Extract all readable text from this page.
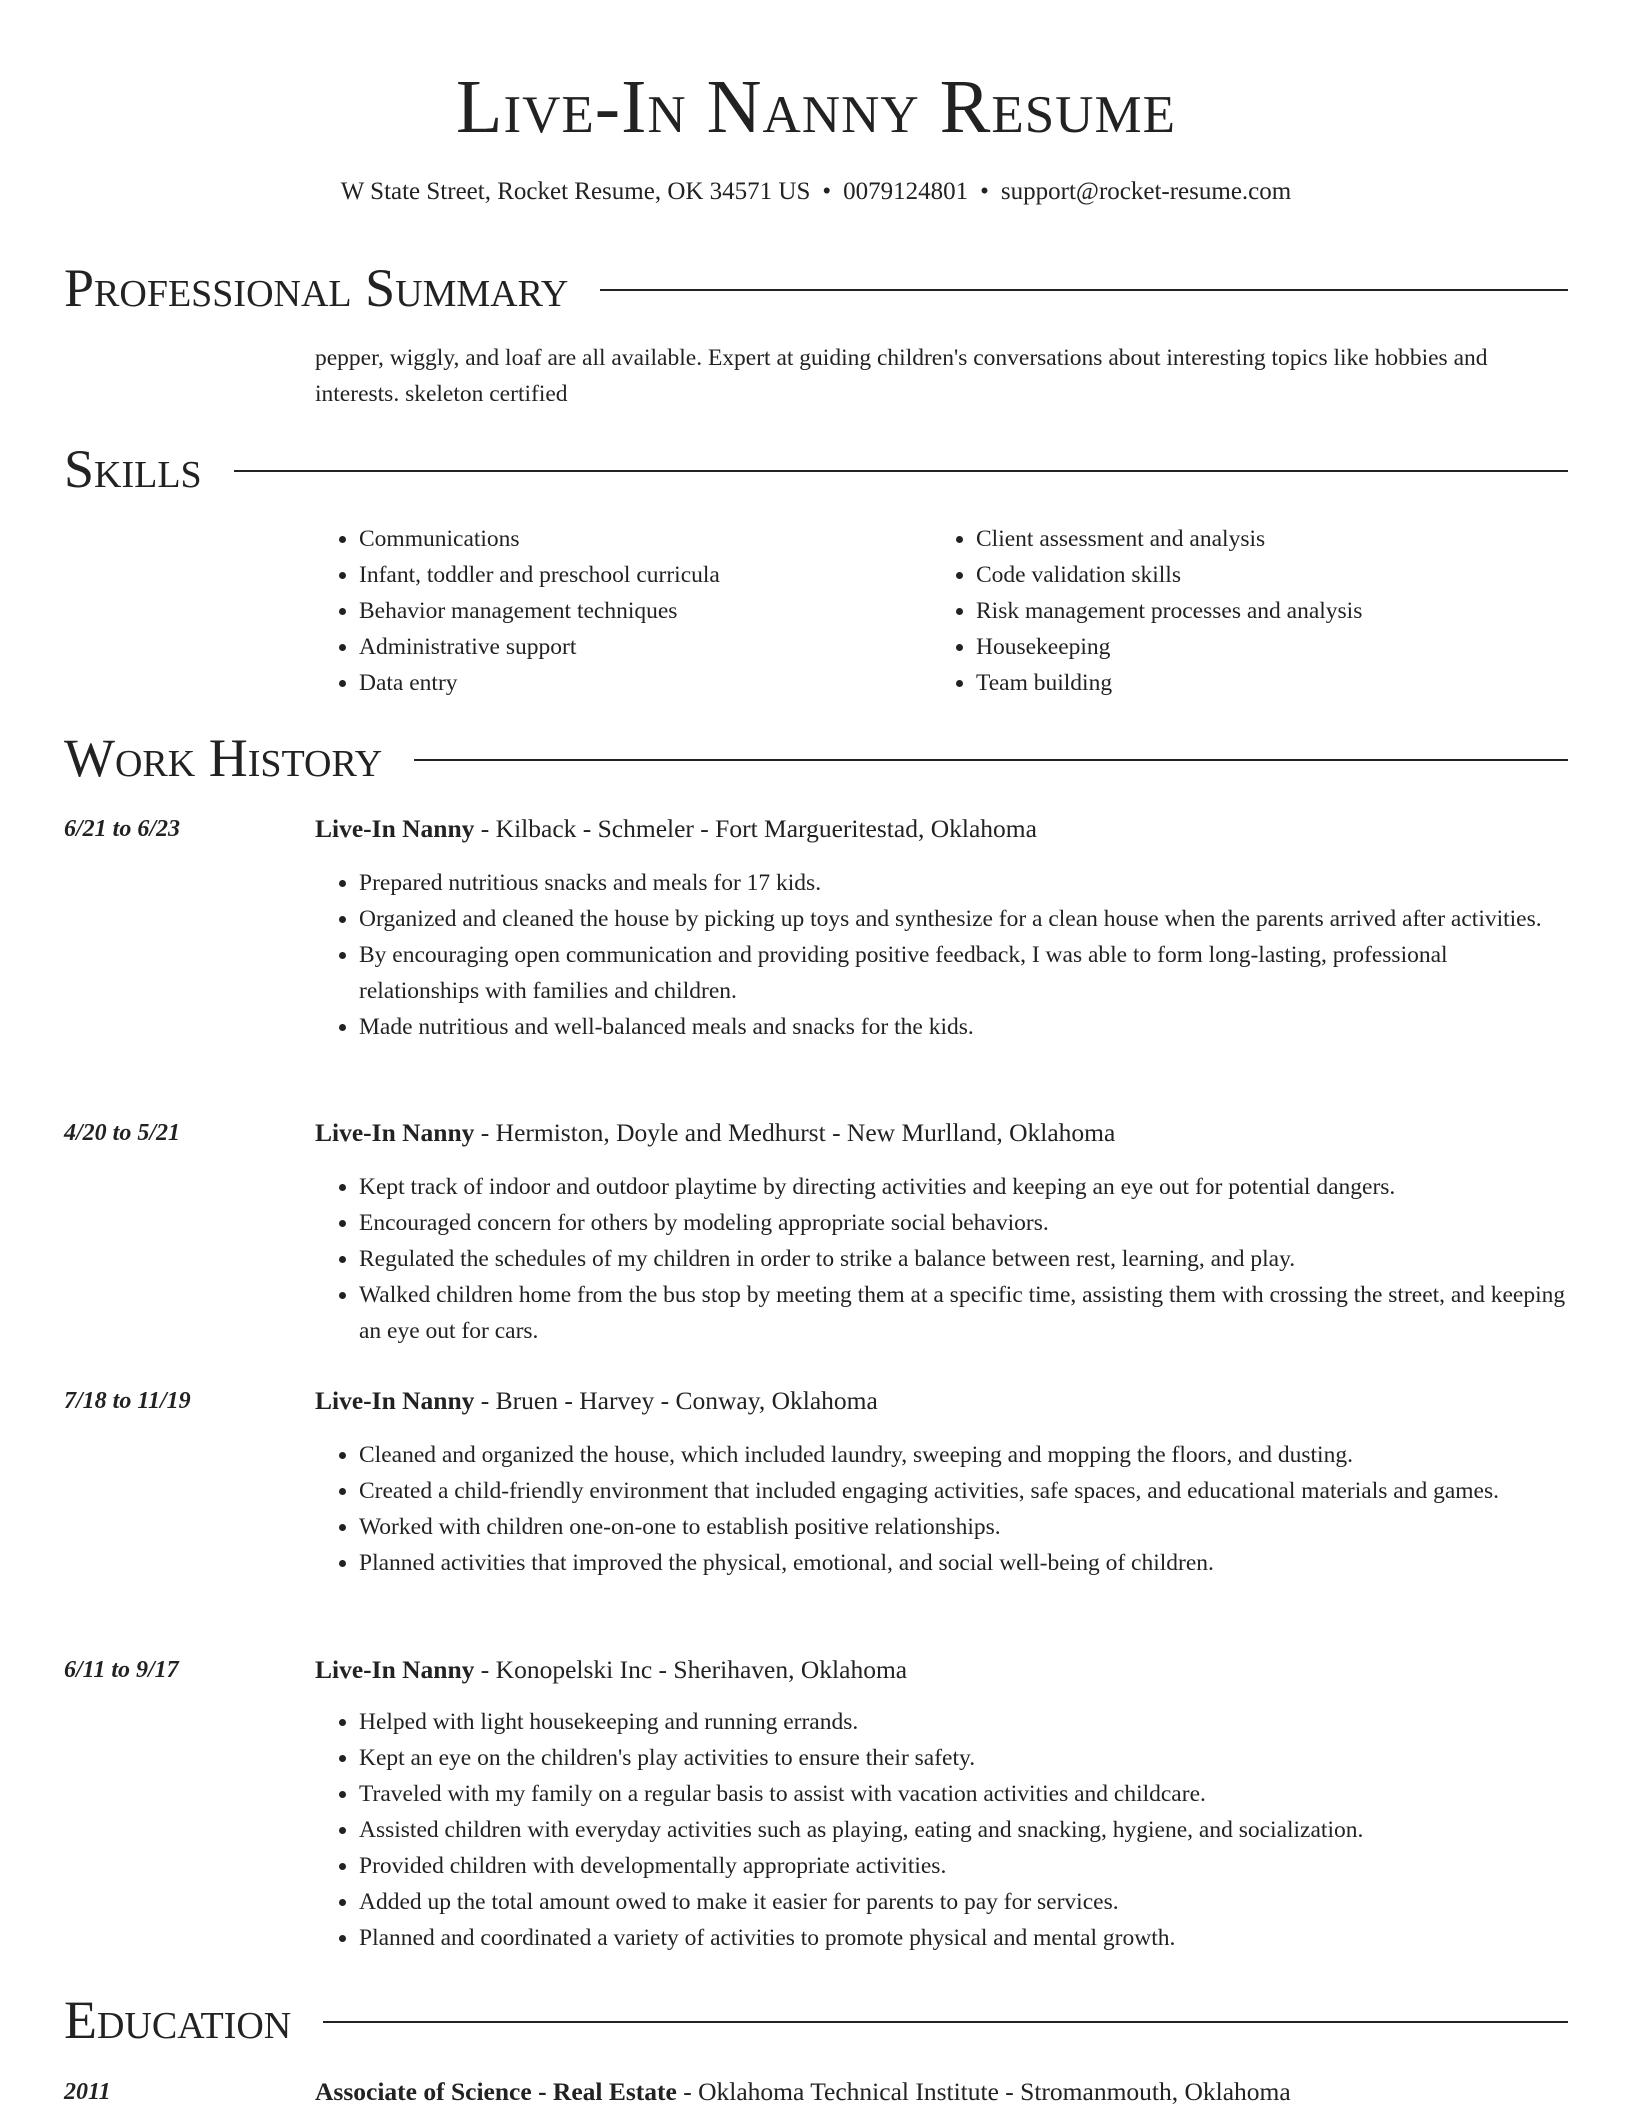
Live-In Nanny Resume
W State Street, Rocket Resume, OK 34571 US • 0079124801 • support@rocket-resume.com
Professional Summary

pepper, wiggly, and loaf are all available. Expert at guiding children's conversations about interesting topics like hobbies and interests. skeleton certified

Skills
• Communications
• Infant, toddler and preschool curricula
• Behavior management techniques
• Administrative support
• Data entry
• Client assessment and analysis
• Code validation skills
• Risk management processes and analysis
• Housekeeping
• Team building
Work History
6/21 to 6/23	Live-In Nanny - Kilback - Schmeler - Fort Margueritestad, Oklahoma
• Prepared nutritious snacks and meals for 17 kids.
• Organized and cleaned the house by picking up toys and synthesize for a clean house when the parents arrived after activities.
• By encouraging open communication and providing positive feedback, I was able to form long-lasting, professional relationships with families and children.
• Made nutritious and well-balanced meals and snacks for the kids.
4/20 to 5/21	Live-In Nanny - Hermiston, Doyle and Medhurst - New Murlland, Oklahoma
• Kept track of indoor and outdoor playtime by directing activities and keeping an eye out for potential dangers.
• Encouraged concern for others by modeling appropriate social behaviors.
• Regulated the schedules of my children in order to strike a balance between rest, learning, and play.
• Walked children home from the bus stop by meeting them at a specific time, assisting them with crossing the street, and keeping an eye out for cars.
7/18 to 11/19	Live-In Nanny - Bruen - Harvey - Conway, Oklahoma
• Cleaned and organized the house, which included laundry, sweeping and mopping the floors, and dusting.
• Created a child-friendly environment that included engaging activities, safe spaces, and educational materials and games.
• Worked with children one-on-one to establish positive relationships.
• Planned activities that improved the physical, emotional, and social well-being of children.
6/11 to 9/17	Live-In Nanny - Konopelski Inc - Sherihaven, Oklahoma
• Helped with light housekeeping and running errands.
• Kept an eye on the children's play activities to ensure their safety.
• Traveled with my family on a regular basis to assist with vacation activities and childcare.
• Assisted children with everyday activities such as playing, eating and snacking, hygiene, and socialization.
• Provided children with developmentally appropriate activities.
• Added up the total amount owed to make it easier for parents to pay for services.
• Planned and coordinated a variety of activities to promote physical and mental growth.
Education
2011	Associate of Science - Real Estate - Oklahoma Technical Institute - Stromanmouth, Oklahoma
